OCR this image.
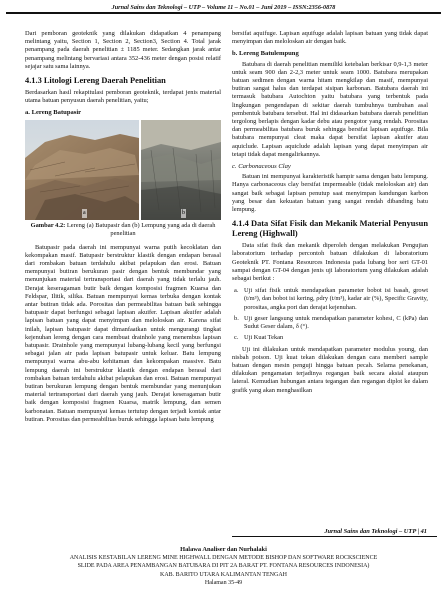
Jurnal Sains dan Teknologi – UTP – Volume 11 – No.01 – Juni 2019 – ISSN:2356-0878

Dari pemboran geoteknik yang dilakukan didapatkan 4 penampang melintang yaitu, Section 1, Section 2, Section3, Section 4. Total jarak penampang pada daerah penelitian ± 1185 meter. Sedangkan jarak antar penampang melintang bervariasi antara 352-436 meter dengan posisi relatif sejajar satu sama lainnya.

4.1.3 Litologi Lereng Daerah Penelitian

Berdasarkan hasil rekapitulasi pemboran geoteknik, terdapat jenis material utama batuan penyusun daerah penelitian, yaitu;

a. Lereng Batupasir
a	b
Gambar 4.2: Lereng (a) Batupasir dan (b) Lempung yang ada di daerah penelitian

Batupasir pada daerah ini mempunyai warna putih kecoklatan dan kekompakan masif. Batupasir berstruktur klastik dengan endapan berasal dari rombakan batuan terdahulu akibat pelapukan dan erosi. Batuan mempunyai butiran berukuran pasir dengan bentuk membundar yang menunjukan material tertransportasi dari daerah yang tidak terlalu jauh. Derajat keseragaman butir baik dengan komposisi fragmen Kuarsa dan Feldspar, Ilitik, silika. Batuan mempunyai kemas terbuka dengan kontak antar butiran tidak ada. Porositas dan permeabilitas batuan baik sehingga batupasir dapat berfungsi sebagai lapisan akuifer. Lapisan akuifer adalah lapisan batuan yang dapat menyimpan dan meloloskan air. Karena sifat inilah, lapisan batupasir dapat dimanfaatkan untuk mengurangi tingkat kejenuhan lereng dengan cara membuat drainhole yang menembus lapisan batupasir. Drainhole yang mempunyai lubang-lubang kecil yang berfungsi sebagai jalan air pada lapisan batupasir untuk keluar. Batu lempung mempunyai warna abu-abu kehitaman dan kekompakan massive. Batu lempung daerah ini berstruktur klastik dengan endapan berasal dari rombakan batuan terdahulu akibat pelapukan dan erosi. Batuan mempunyai butiran berukuran lempung dengan bentuk membundar yang menunjukan material tertransportasi dari daerah yang jauh. Derajat keseragaman butir baik dengan komposisi fragmen Kuarsa, matrik lempung, dan semen karbonatan. Batuan mempunyai kemas tertutup dengan terjadi kontak antar butiran. Porositas dan permeabilitas buruk sehingga lapisan batu lempung

bersifat aquifuge. Lapisan aquifuge adalah lapisan batuan yang tidak dapat menyimpan dan meloloskan air dengan baik.

b. Lereng Batulempung

Batubara di daerah penelitian memiliki ketebalan berkisar 0,9-1,3 meter untuk seam 900 dan 2-2,3 meter untuk seam 1000. Batubara merupakan batuan sedimen dengan warna hitam mengkilap dan masif, mempunyai butiran sangat halus dan terdapat sisipan karbonan. Batubara daerah ini termasuk batubara Autochton yaitu batubara yang terbentuk pada lingkungan pengendapan di sekitar daerah tumbuhnya tumbuhan asal pembentuk batubara tersebut. Hal ini didasarkan batubara daerah penelitian tergolong berlapis dengan kadar debu atau pengotor yang rendah. Porositas dan permeabilitas batubara buruk sehingga bersifat lapisan aquifuge. Bila batubara mempunyai cleat maka dapat bersifat lapisan akuifer atau aquiclude. Lapisan aquiclude adalah lapisan yang dapat menyimpan air tetapi tidak dapat mengalirkannya.

c. Carbonaceous Clay

Batuan ini mempunyai karakteristik hampir sama dengan batu lempung. Hanya carbonaceous clay bersifat impermeable (tidak meloloskan air) dan sangat baik sebagai lapisan penutup saat menyimpan kandungan karbon yang besar dan kekuatan batuan yang sangat rendah dibanding batu lempung.

4.1.4 Data Sifat Fisik dan Mekanik Material Penyusun Lereng (Highwall)

Data sifat fisik dan mekanik diperoleh dengan melakukan Pengujian laboratorium terhadap percontoh batuan dilakukan di laboratorium Geoteknik PT. Fontana Resources Indonesia pada lubang bor seri GT-01 sampai dengan GT-04 dengan jenis uji laboratorium yang dilakukan adalah sebagai berikut :

a. Uji sifat fisik untuk mendapatkan parameter bobot isi basah, growt (t/m³), dan bobot isi kering, ρdry (t/m³), kadar air (%), Specific Gravity, porositas, angka pori dan derajat kejenuhan.
b. Uji geser langsung untuk mendapatkan parameter kohesi, C (kPa) dan Sudut Geser dalam, δ (°).
c. Uji Kuat Tekan

Uji ini dilakukan untuk mendapatkan parameter modulus young, dan nisbah poison. Uji kuat tekan dilakukan dengan cara memberi sample batuan dengan mesin penguji hingga batuan pecah. Selama penekanan, dilakukan pengamatan terjadinya regangan baik secara aksial ataupun lateral. Kemudian hubungan antara tegangan dan regangan diplot ke dalam grafik yang akan menghasilkan

Jurnal Sains dan Teknologi – UTP | 41
Halawa Analiser dan Nurhalaki
ANALISIS KESTABILAN LERENG MINE HIGHWALL DENGAN METODE BISHOP DAN SOFTWARE ROCKSCIENCE
SLIDE PADA AREA PENAMBANGAN BATUBARA DI PIT 2A BARAT PT. FONTANA RESOURCES INDONESIA)
KAB. BARITO UTARA KALIMANTAN TENGAH
Halaman 35-49
